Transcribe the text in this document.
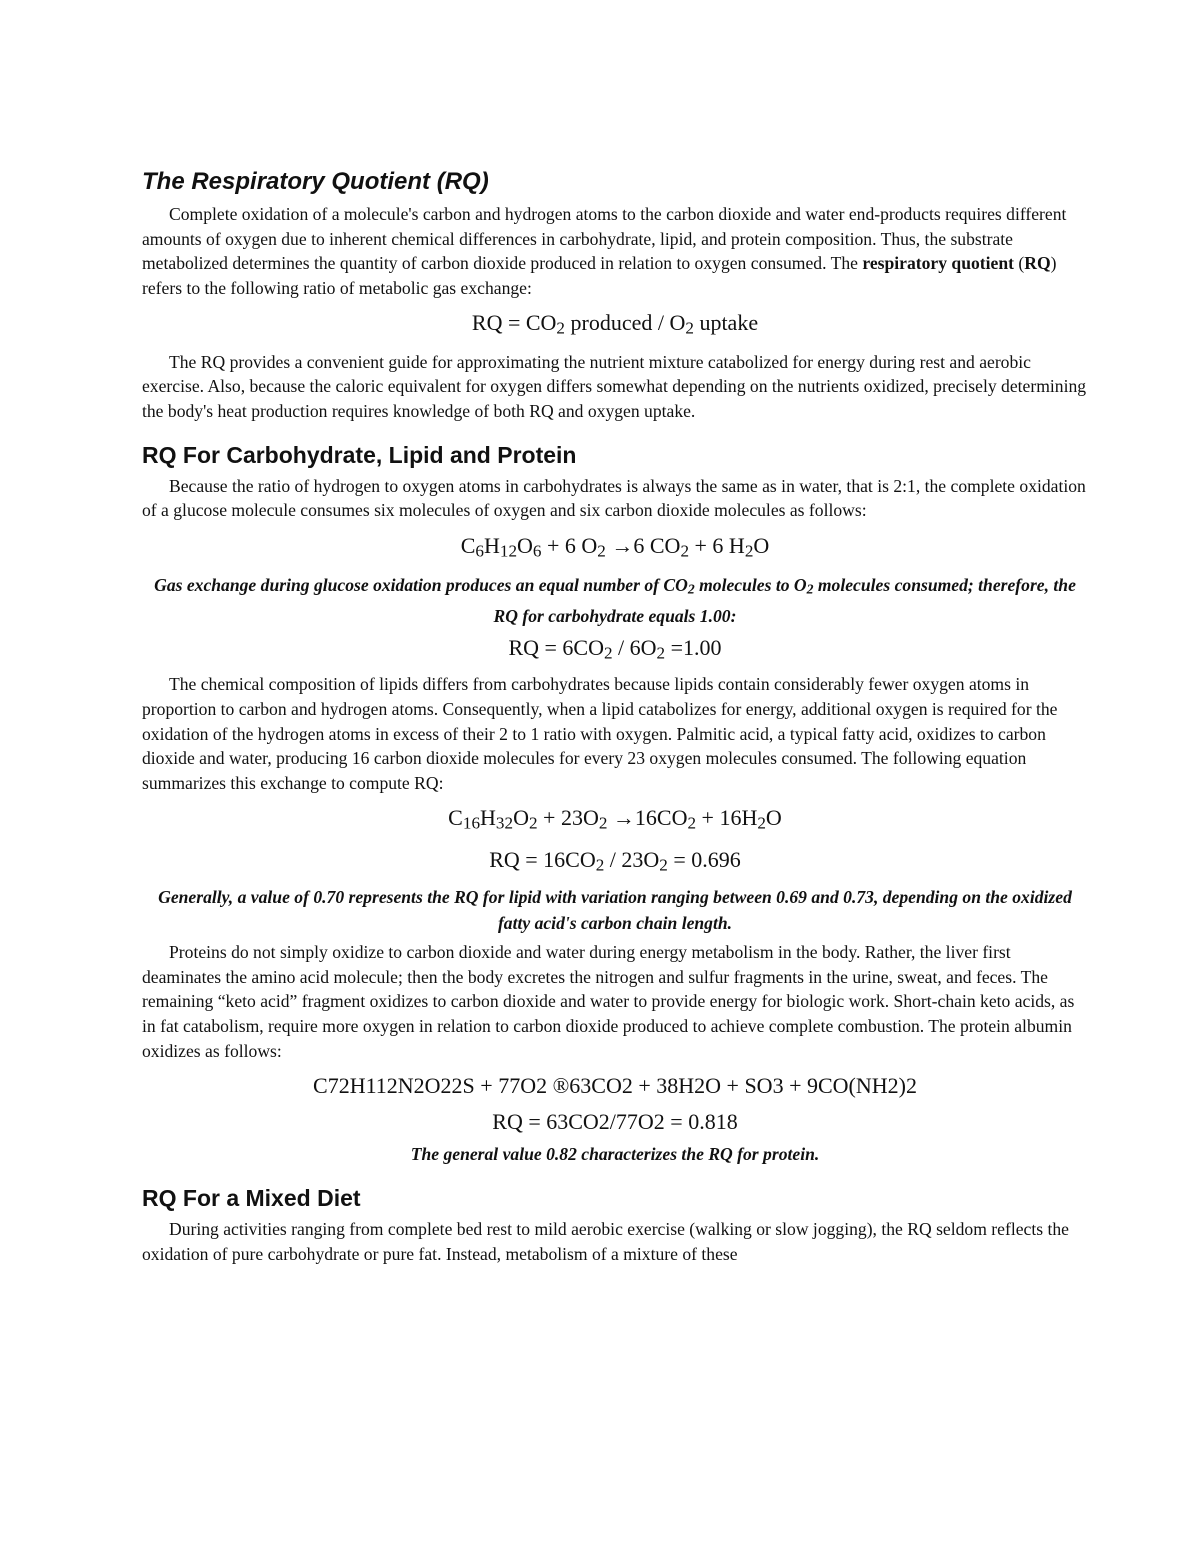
The Respiratory Quotient (RQ)

Complete oxidation of a molecule's carbon and hydrogen atoms to the carbon dioxide and water end-products requires different amounts of oxygen due to inherent chemical differences in carbohydrate, lipid, and protein composition. Thus, the substrate metabolized determines the quantity of carbon dioxide produced in relation to oxygen consumed. The respiratory quotient (RQ) refers to the following ratio of metabolic gas exchange:

RQ = $CO_2$ produced / $O_2$ uptake

The RQ provides a convenient guide for approximating the nutrient mixture catabolized for energy during rest and aerobic exercise. Also, because the caloric equivalent for oxygen differs somewhat depending on the nutrients oxidized, precisely determining the body's heat production requires knowledge of both RQ and oxygen uptake.

RQ For Carbohydrate, Lipid and Protein

Because the ratio of hydrogen to oxygen atoms in carbohydrates is always the same as in water, that is 2:1, the complete oxidation of a glucose molecule consumes six molecules of oxygen and six carbon dioxide molecules as follows:

$C_6H_{12}O_6 + 6$ $O_2 \to 6$ $CO_2 + 6$ $H_2O$
Gas exchange during glucose oxidation produces an equal number of $CO_2$ molecules to $O_2$ molecules consumed; therefore, the RQ for carbohydrate equals 1.00:
RQ = $6CO_2 / 6O_2 =1.00$

The chemical composition of lipids differs from carbohydrates because lipids contain considerably fewer oxygen atoms in proportion to carbon and hydrogen atoms. Consequently, when a lipid catabolizes for energy, additional oxygen is required for the oxidation of the hydrogen atoms in excess of their 2 to 1 ratio with oxygen. Palmitic acid, a typical fatty acid, oxidizes to carbon dioxide and water, producing 16 carbon dioxide molecules for every 23 oxygen molecules consumed. The following equation summarizes this exchange to compute RQ:

$C_{16}H_{32}O_2 + 23O_2 \to 16CO_2 + 16H_2O$
RQ = $16CO_2 / 23O_2 = 0.696$
Generally, a value of 0.70 represents the RQ for lipid with variation ranging between 0.69 and 0.73, depending on the oxidized fatty acid's carbon chain length.

Proteins do not simply oxidize to carbon dioxide and water during energy metabolism in the body. Rather, the liver first deaminates the amino acid molecule; then the body excretes the nitrogen and sulfur fragments in the urine, sweat, and feces. The remaining “keto acid” fragment oxidizes to carbon dioxide and water to provide energy for biologic work. Short-chain keto acids, as in fat catabolism, require more oxygen in relation to carbon dioxide produced to achieve complete combustion. The protein albumin oxidizes as follows:

C72H112N2O22S + 77O2 ®63CO2 + 38H2O + SO3 + 9CO(NH2)2
RQ = 63CO2/77O2 = 0.818
The general value 0.82 characterizes the RQ for protein.
RQ For a Mixed Diet

During activities ranging from complete bed rest to mild aerobic exercise (walking or slow jogging), the RQ seldom reflects the oxidation of pure carbohydrate or pure fat. Instead, metabolism of a mixture of these
